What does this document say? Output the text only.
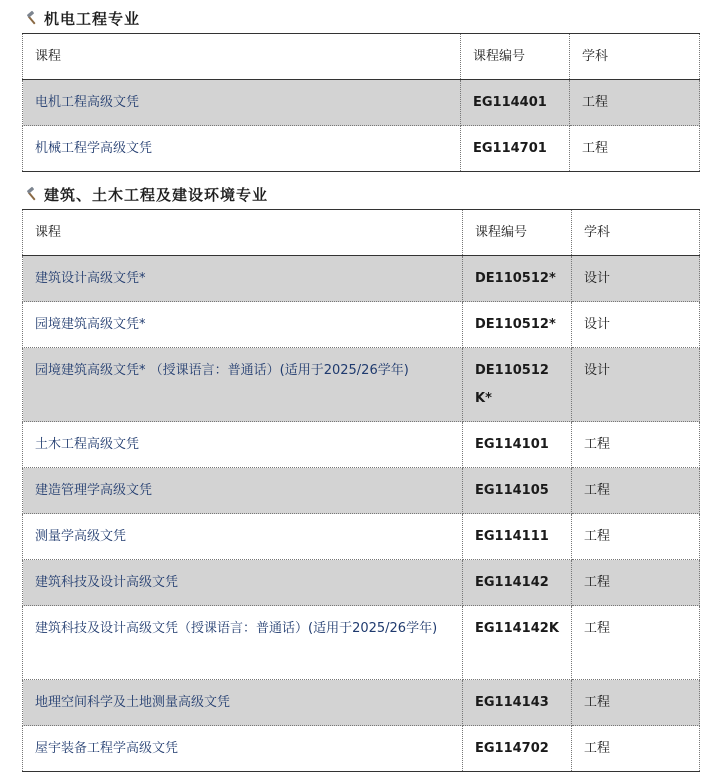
机电工程专业
课程	课程编号	学科
电机工程高级文凭	EG114401	工程
机械工程学高级文凭	EG114701	工程
建筑、土木工程及建设环境专业
课程	课程编号	学科
建筑设计高级文凭*	DE110512*	设计
园境建筑高级文凭*	DE110512*	设计
园境建筑高级文凭* （授课语言：普通话）(适用于2025/26学年)	DE110512K*	设计
土木工程高级文凭	EG114101	工程
建造管理学高级文凭	EG114105	工程
测量学高级文凭	EG114111	工程
建筑科技及设计高级文凭	EG114142	工程
建筑科技及设计高级文凭（授课语言：普通话）(适用于2025/26学年)	EG114142K	工程
地理空间科学及土地测量高级文凭	EG114143	工程
屋宇装备工程学高级文凭	EG114702	工程
